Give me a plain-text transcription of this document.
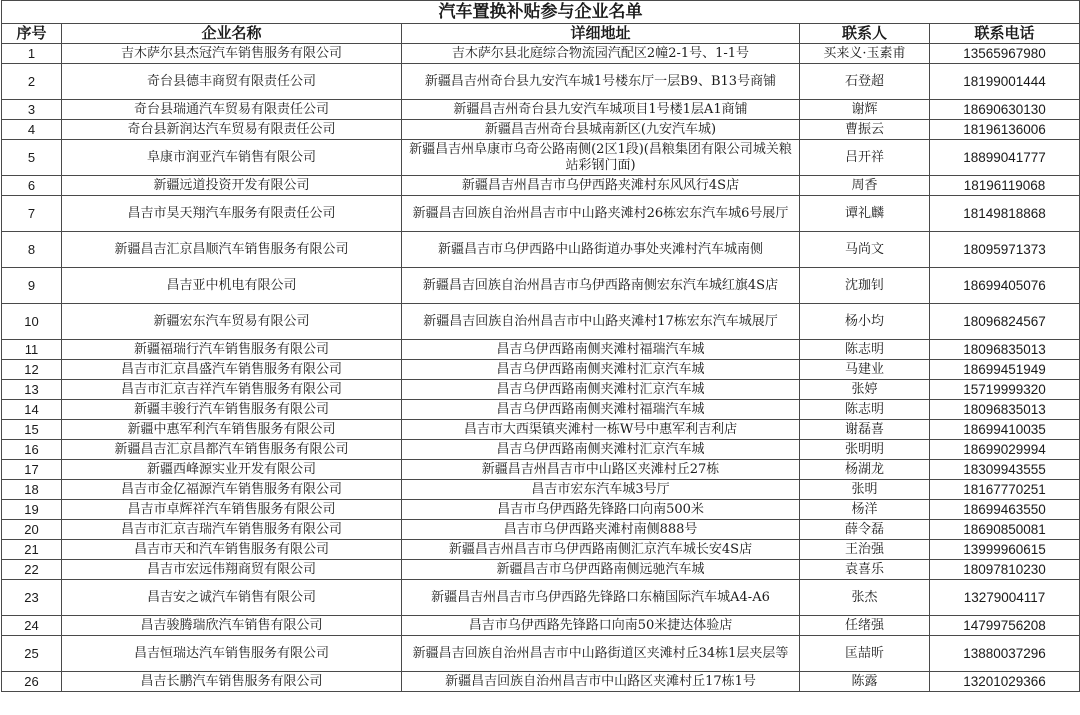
汽车置换补贴参与企业名单				
序号	企业名称	详细地址	联系人	联系电话
1	吉木萨尔县杰冠汽车销售服务有限公司	吉木萨尔县北庭综合物流园汽配区2幢2-1号、1-1号	买来义·玉素甫	13565967980
2	奇台县德丰商贸有限责任公司	新疆昌吉州奇台县九安汽车城1号楼东厅一层B9、B13号商铺	石登超	18199001444
3	奇台县瑞通汽车贸易有限责任公司	新疆昌吉州奇台县九安汽车城项目1号楼1层A1商铺	谢辉	18690630130
4	奇台县新润达汽车贸易有限责任公司	新疆昌吉州奇台县城南新区(九安汽车城)	曹振云	18196136006
5	阜康市润亚汽车销售有限公司	新疆昌吉州阜康市乌奇公路南侧(2区1段)(昌粮集团有限公司城关粮站彩钢门面)	吕开祥	18899041777
6	新疆远道投资开发有限公司	新疆昌吉州昌吉市乌伊西路夹滩村东风风行4S店	周香	18196119068
7	昌吉市昊天翔汽车服务有限责任公司	新疆昌吉回族自治州昌吉市中山路夹滩村26栋宏东汽车城6号展厅	谭礼麟	18149818868
8	新疆昌吉汇京昌顺汽车销售服务有限公司	新疆昌吉市乌伊西路中山路街道办事处夹滩村汽车城南侧	马尚文	18095971373
9	昌吉亚中机电有限公司	新疆昌吉回族自治州昌吉市乌伊西路南侧宏东汽车城红旗4S店	沈珈钊	18699405076
10	新疆宏东汽车贸易有限公司	新疆昌吉回族自治州昌吉市中山路夹滩村17栋宏东汽车城展厅	杨小均	18096824567
11	新疆福瑞行汽车销售服务有限公司	昌吉乌伊西路南侧夹滩村福瑞汽车城	陈志明	18096835013
12	昌吉市汇京昌盛汽车销售服务有限公司	昌吉乌伊西路南侧夹滩村汇京汽车城	马建业	18699451949
13	昌吉市汇京吉祥汽车销售服务有限公司	昌吉乌伊西路南侧夹滩村汇京汽车城	张婷	15719999320
14	新疆丰骏行汽车销售服务有限公司	昌吉乌伊西路南侧夹滩村福瑞汽车城	陈志明	18096835013
15	新疆中惠军利汽车销售服务有限公司	昌吉市大西渠镇夹滩村一栋W号中惠军利吉利店	谢磊喜	18699410035
16	新疆昌吉汇京昌都汽车销售服务有限公司	昌吉乌伊西路南侧夹滩村汇京汽车城	张明明	18699029994
17	新疆西峰源实业开发有限公司	新疆昌吉州昌吉市中山路区夹滩村丘27栋	杨湖龙	18309943555
18	昌吉市金亿福源汽车销售服务有限公司	昌吉市宏东汽车城3号厅	张明	18167770251
19	昌吉市卓辉祥汽车销售服务有限公司	昌吉市乌伊西路先锋路口向南500米	杨洋	18699463550
20	昌吉市汇京吉瑞汽车销售服务有限公司	昌吉市乌伊西路夹滩村南侧888号	薛令磊	18690850081
21	昌吉市天和汽车销售服务有限公司	新疆昌吉州昌吉市乌伊西路南侧汇京汽车城长安4S店	王治强	13999960615
22	昌吉市宏远伟翔商贸有限公司	新疆昌吉市乌伊西路南侧远驰汽车城	袁喜乐	18097810230
23	昌吉安之诚汽车销售有限公司	新疆昌吉州昌吉市乌伊西路先锋路口东楠国际汽车城A4-A6	张杰	13279004117
24	昌吉骏腾瑞欣汽车销售有限公司	昌吉市乌伊西路先锋路口向南50米捷达体验店	任绪强	14799756208
25	昌吉恒瑞达汽车销售服务有限公司	新疆昌吉回族自治州昌吉市中山路街道区夹滩村丘34栋1层夹层等	匡喆昕	13880037296
26	昌吉长鹏汽车销售服务有限公司	新疆昌吉回族自治州昌吉市中山路区夹滩村丘17栋1号	陈露	13201029366
